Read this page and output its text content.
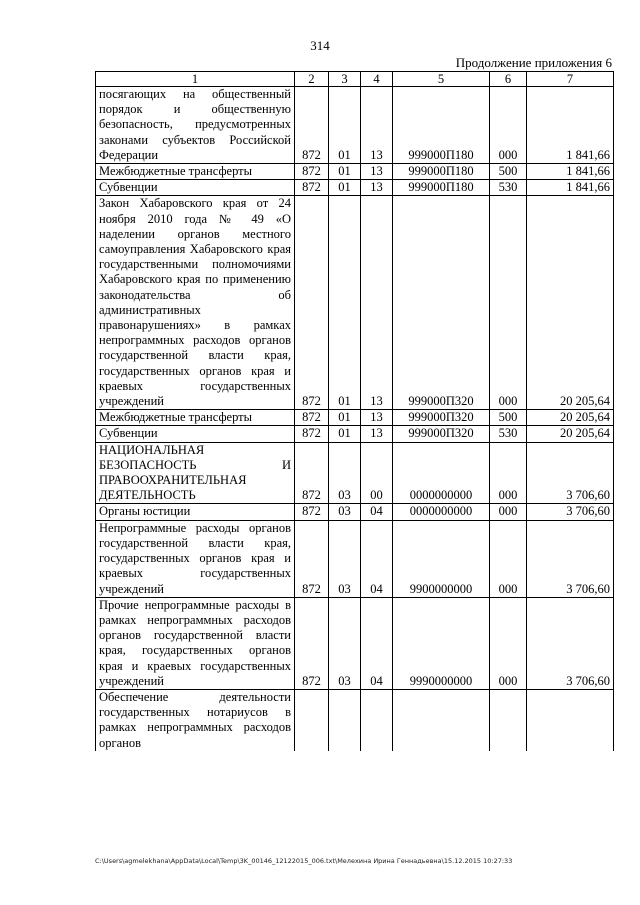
314
Продолжение приложения 6
1	2	3	4	5	6	7
посягающих на общественный порядок и общественную безопасность, предусмотренных законами субъектов Российской Федерации	872	01	13	999000П180	000	1 841,66
Межбюджетные трансферты	872	01	13	999000П180	500	1 841,66
Субвенции	872	01	13	999000П180	530	1 841,66
Закон Хабаровского края от 24 ноября 2010 года № 49 «О наделении органов местного самоуправления Хабаровского края государственными полномочиями Хабаровского края по применению законодательства об административных правонарушениях» в рамках непрограммных расходов органов государственной власти края, государственных органов края и краевых государственных учреждений	872	01	13	999000П320	000	20 205,64
Межбюджетные трансферты	872	01	13	999000П320	500	20 205,64
Субвенции	872	01	13	999000П320	530	20 205,64
НАЦИОНАЛЬНАЯ БЕЗОПАСНОСТЬ И ПРАВООХРАНИТЕЛЬНАЯ ДЕЯТЕЛЬНОСТЬ	872	03	00	0000000000	000	3 706,60
Органы юстиции	872	03	04	0000000000	000	3 706,60
Непрограммные расходы органов государственной власти края, государственных органов края и краевых государственных учреждений	872	03	04	9900000000	000	3 706,60
Прочие непрограммные расходы в рамках непрограммных расходов органов государственной власти края, государственных органов края и краевых государственных учреждений	872	03	04	9990000000	000	3 706,60
Обеспечение деятельности государственных нотариусов в рамках непрограммных расходов органов						
C:\Users\agmelekhana\AppData\Local\Temp\3K_00146_12122015_006.txt\Мелехина Ирина Геннадьевна\15.12.2015 10:27:33
